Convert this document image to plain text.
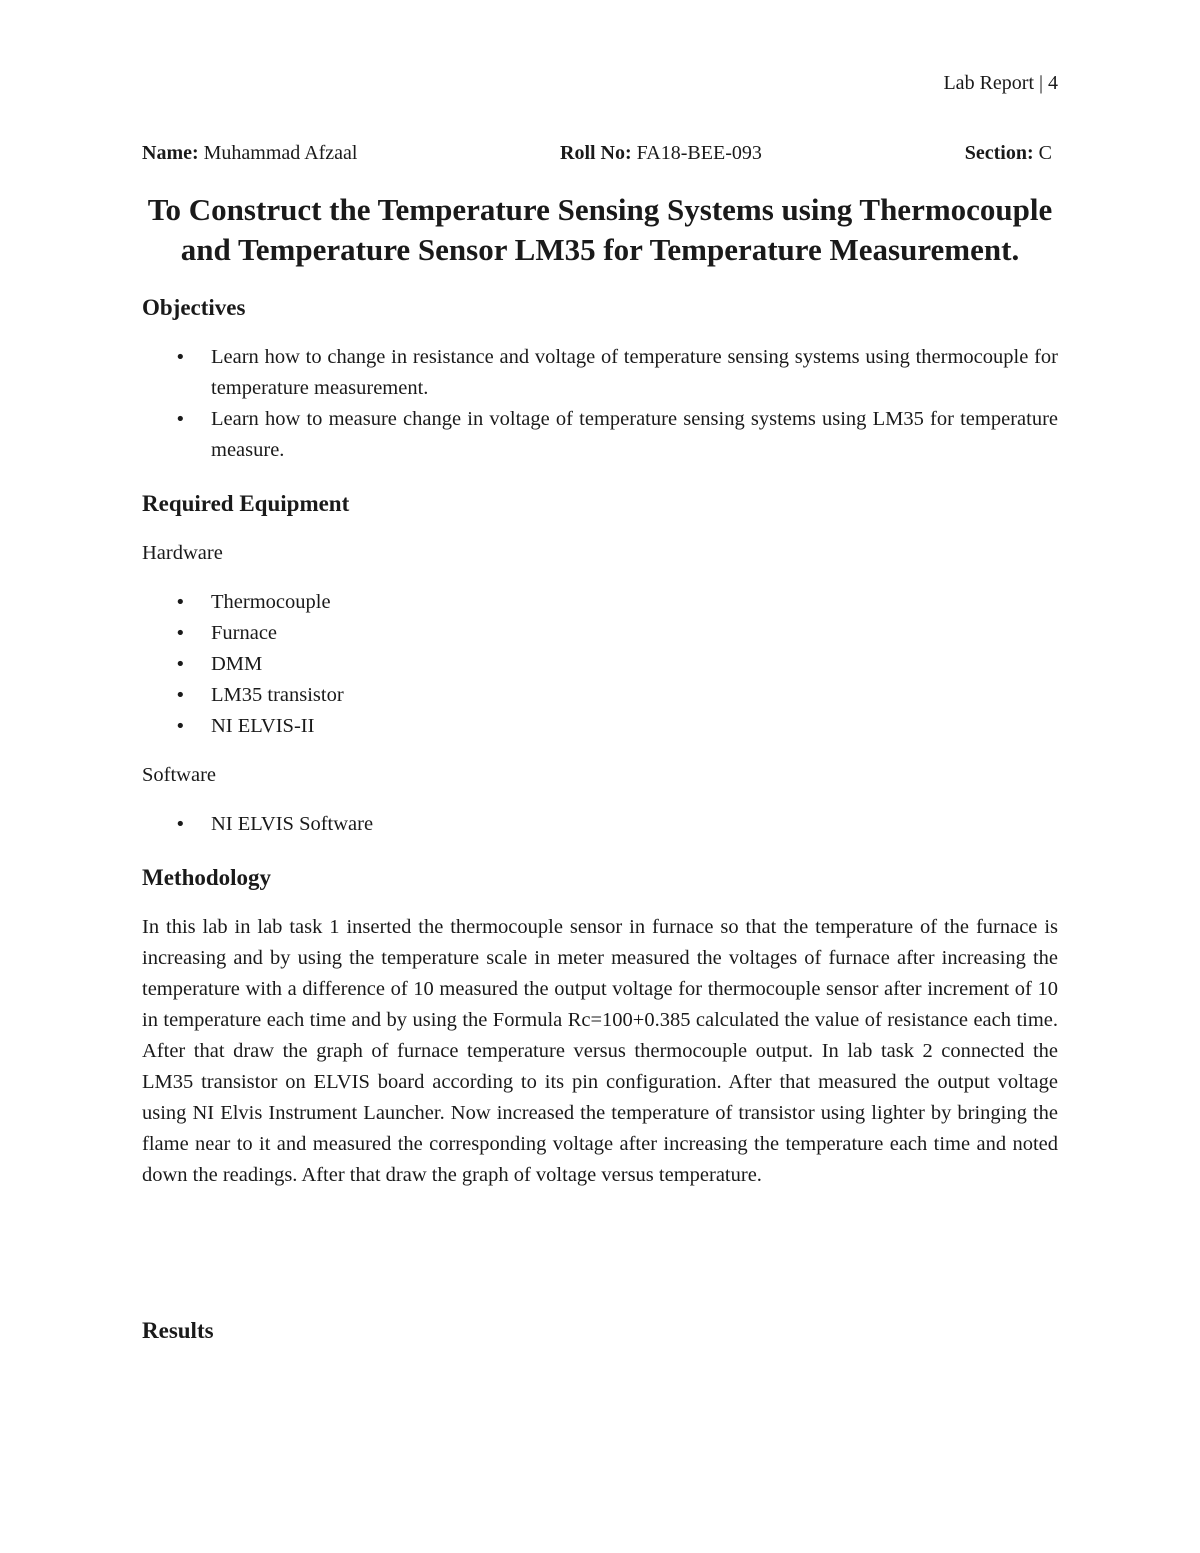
Lab Report | 4
Name: Muhammad Afzaal	Roll No: FA18-BEE-093	Section: C
To Construct the Temperature Sensing Systems using Thermocouple
and Temperature Sensor LM35 for Temperature Measurement.
Objectives
• Learn how to change in resistance and voltage of temperature sensing systems using thermocouple for temperature measurement.
• Learn how to measure change in voltage of temperature sensing systems using LM35 for temperature measure.
Required Equipment

Hardware

• Thermocouple
• Furnace
• DMM
• LM35 transistor
• NI ELVIS-II

Software

• NI ELVIS Software
Methodology

In this lab in lab task 1 inserted the thermocouple sensor in furnace so that the temperature of the furnace is increasing and by using the temperature scale in meter measured the voltages of furnace after increasing the temperature with a difference of 10 measured the output voltage for thermocouple sensor after increment of 10 in temperature each time and by using the Formula Rc=100+0.385 calculated the value of resistance each time. After that draw the graph of furnace temperature versus thermocouple output. In lab task 2 connected the LM35 transistor on ELVIS board according to its pin configuration. After that measured the output voltage using NI Elvis Instrument Launcher. Now increased the temperature of transistor using lighter by bringing the flame near to it and measured the corresponding voltage after increasing the temperature each time and noted down the readings. After that draw the graph of voltage versus temperature.

Results
